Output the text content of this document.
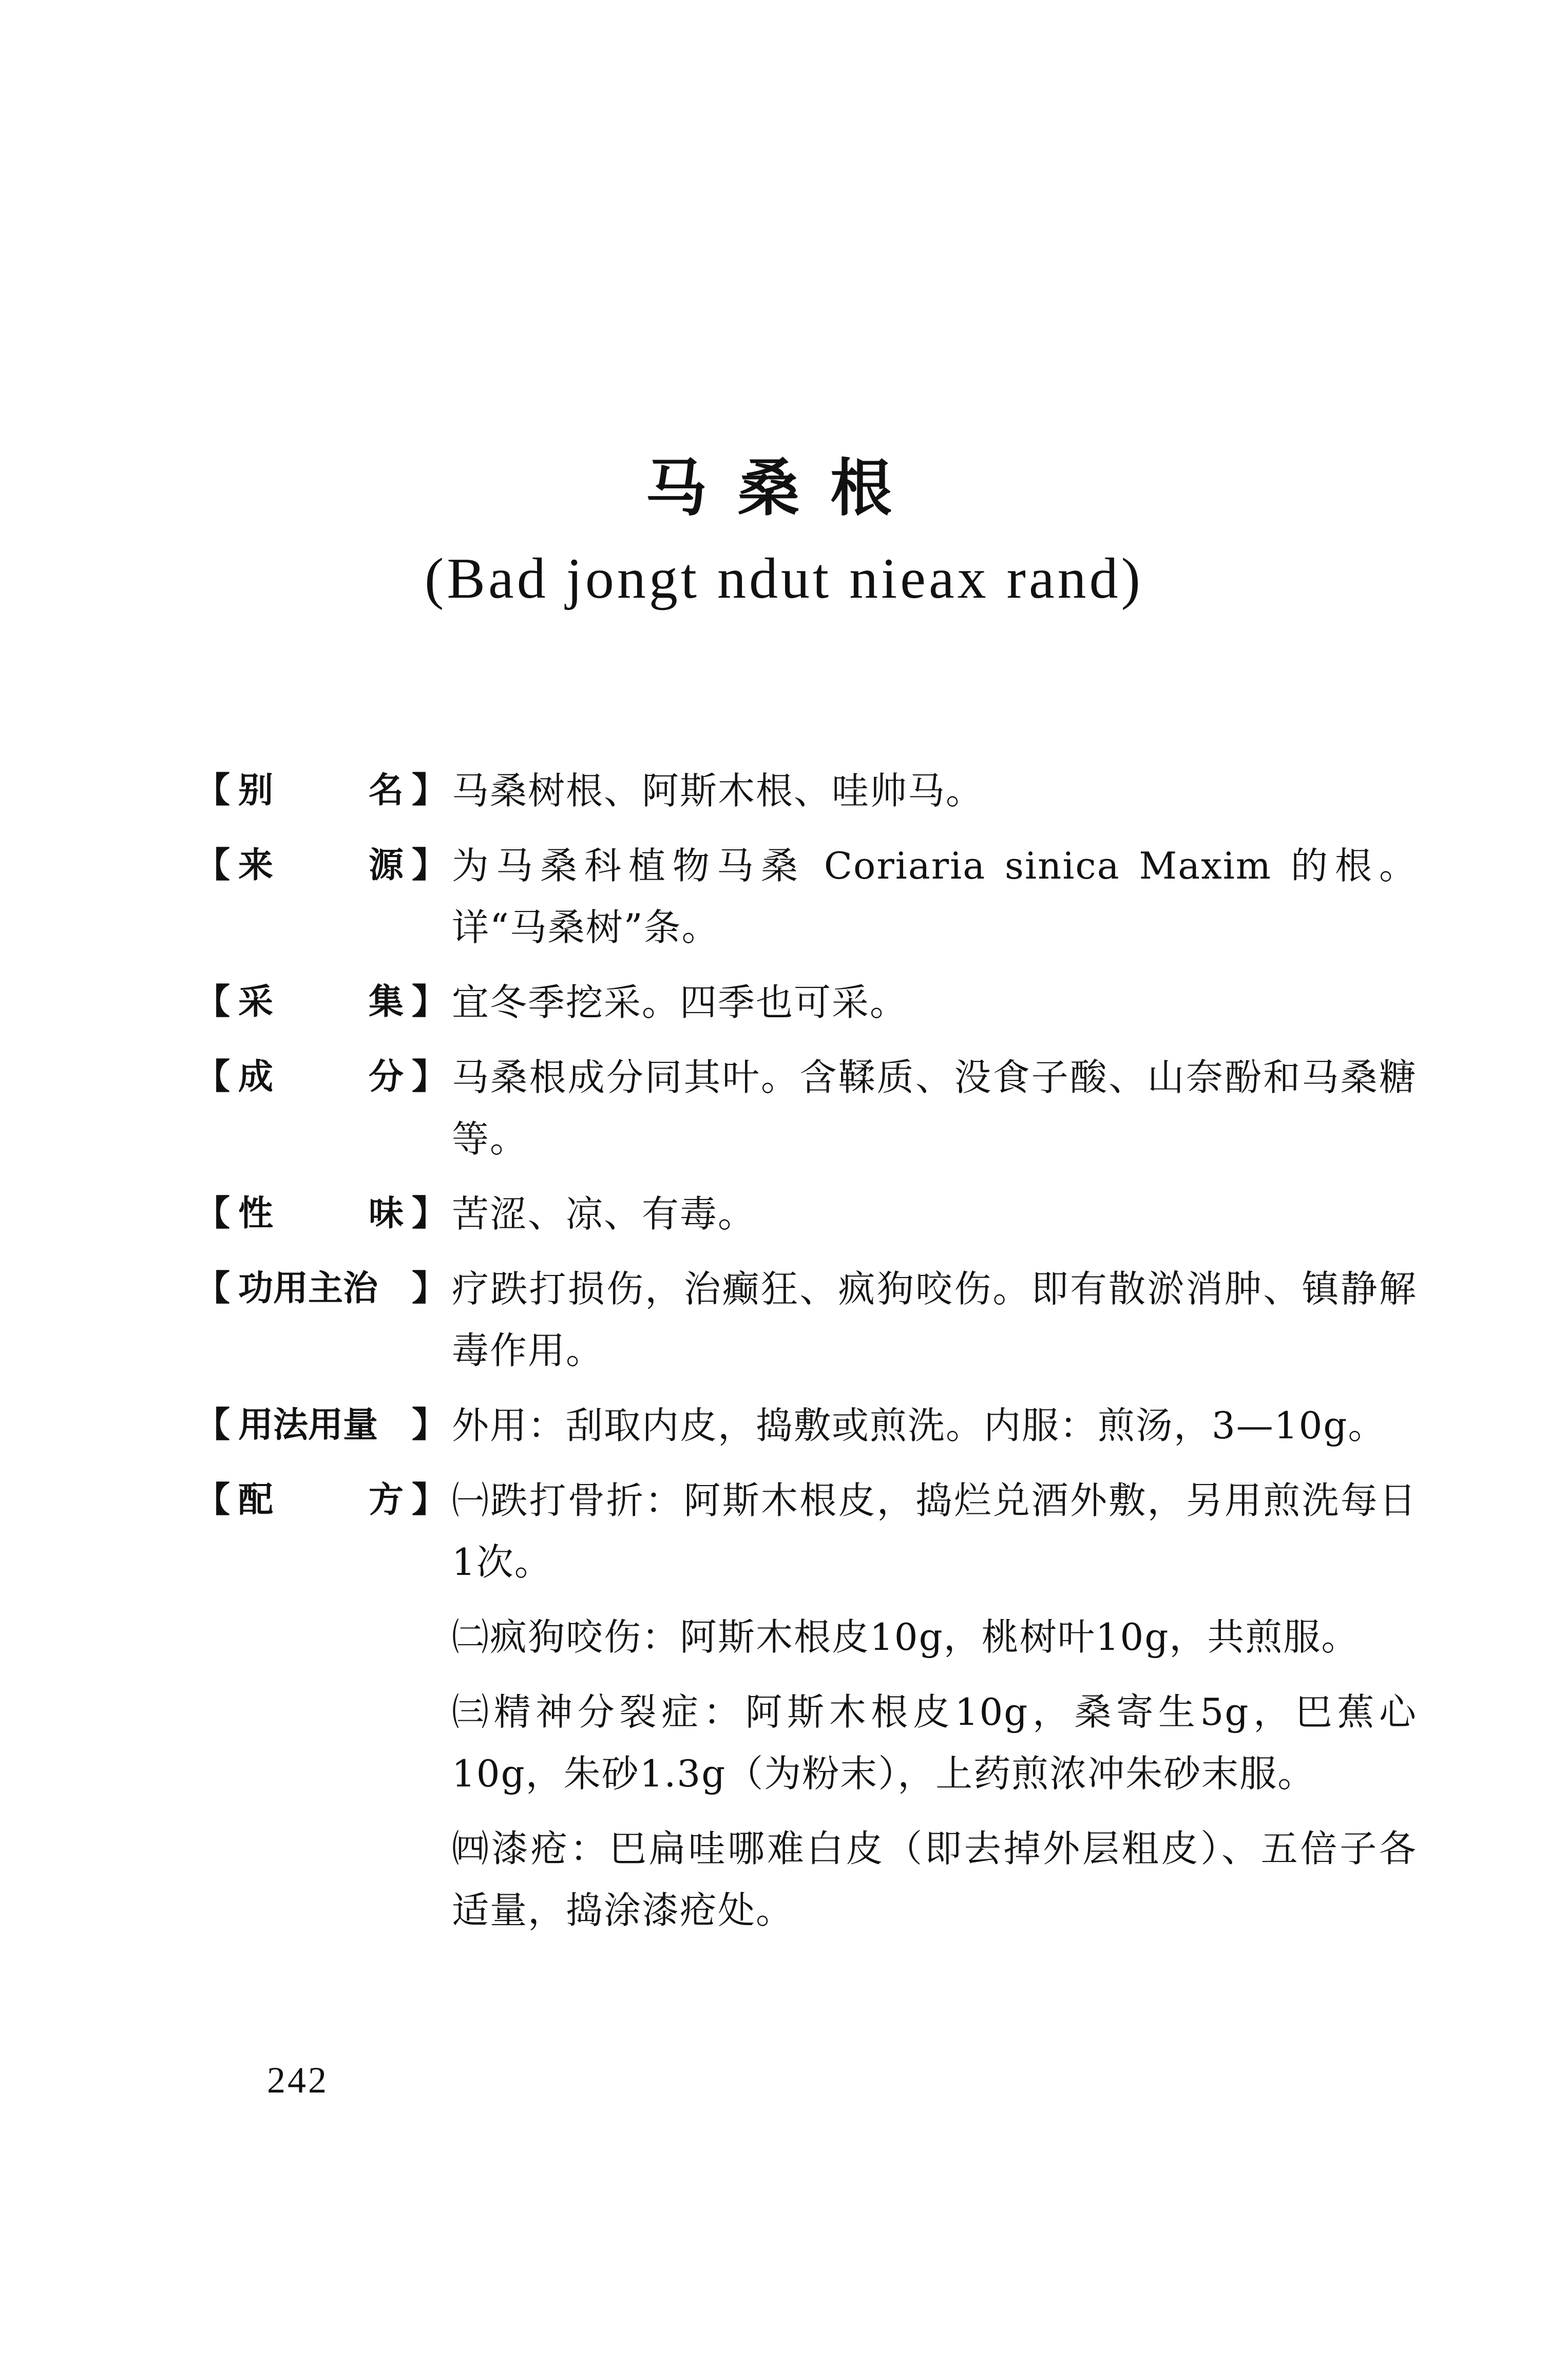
马桑根
(Bad jongt ndut nieax rand)
【 别	名 】 马桑树根、阿斯木根、哇帅马。

【 来	源 】 为马桑科植物马桑 Coriaria sinica Maxim 的根。详“马桑树”条。

【 采	集 】 宜冬季挖采。四季也可采。

【 成	分 】 马桑根成分同其叶。含鞣质、没食子酸、山奈酚和马桑糖等。

【 性	味 】 苦涩、凉、有毒。

【 功用主治 】 疗跌打损伤，治癫狂、疯狗咬伤。即有散淤消肿、镇静解毒作用。

【 用法用量 】 外用：刮取内皮，捣敷或煎洗。内服：煎汤，3—10g。

【 配	方 】 ㈠跌打骨折：阿斯木根皮，捣烂兑酒外敷，另用煎洗每日1次。

㈡疯狗咬伤：阿斯木根皮10g，桃树叶10g，共煎服。

㈢精神分裂症：阿斯木根皮10g，桑寄生5g，巴蕉心10g，朱砂1.3g（为粉末），上药煎浓冲朱砂末服。

㈣漆疮：巴扁哇哪难白皮（即去掉外层粗皮）、五倍子各适量，捣涂漆疮处。

242
